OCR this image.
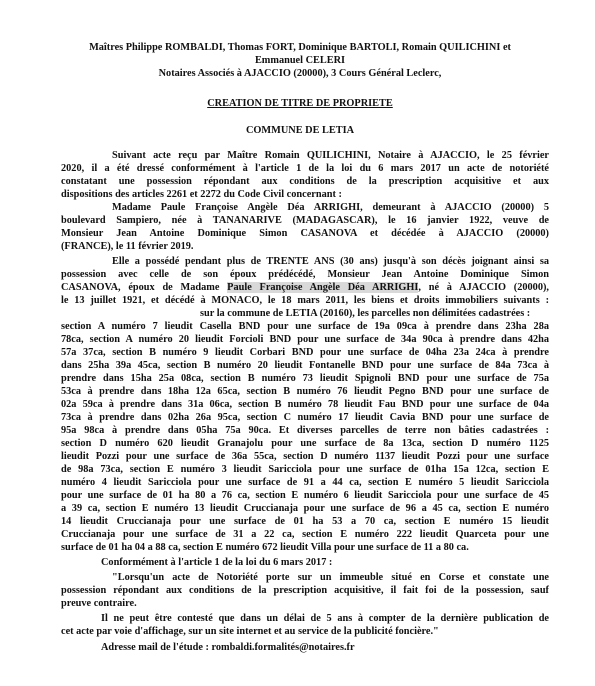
Maîtres Philippe ROMBALDI, Thomas FORT, Dominique BARTOLI, Romain QUILICHINI et
Emmanuel CELERI
Notaires Associés à AJACCIO (20000), 3 Cours Général Leclerc,
CREATION DE TITRE DE PROPRIETE
COMMUNE DE LETIA
Suivant acte reçu par Maître Romain QUILICHINI, Notaire à AJACCIO, le 25 février
2020, il a été dressé conformément à l'article 1 de la loi du 6 mars 2017 un acte de notoriété
constatant une possession répondant aux conditions de la prescription acquisitive et aux
dispositions des articles 2261 et 2272 du Code Civil concernant :
Madame Paule Françoise Angèle Déa ARRIGHI, demeurant à AJACCIO (20000) 5
boulevard Sampiero, née à TANANARIVE (MADAGASCAR), le 16 janvier 1922, veuve de
Monsieur Jean Antoine Dominique Simon CASANOVA et décédée à AJACCIO (20000)
(FRANCE), le 11 février 2019.
Elle a possédé pendant plus de TRENTE ANS (30 ans) jusqu'à son décès joignant ainsi sa
possession avec celle de son époux prédécédé, Monsieur Jean Antoine Dominique Simon
CASANOVA, époux de Madame Paule Françoise Angèle Déa ARRIGHI, né à AJACCIO (20000),
le 13 juillet 1921, et décédé à MONACO, le 18 mars 2011, les biens et droits immobiliers suivants :
sur la commune de LETIA (20160), les parcelles non délimitées cadastrées :
section A numéro 7 lieudit Casella BND pour une surface de 19a 09ca à prendre dans 23ha 28a
78ca, section A numéro 20 lieudit Forcioli BND pour une surface de 34a 90ca à prendre dans 42ha
57a 37ca, section B numéro 9 lieudit Corbari BND pour une surface de 04ha 23a 24ca à prendre
dans 25ha 39a 45ca, section B numéro 20 lieudit Fontanelle BND pour une surface de 84a 73ca à
prendre dans 15ha 25a 08ca, section B numéro 73 lieudit Spignoli BND pour une surface de 75a
53ca à prendre dans 18ha 12a 65ca, section B numéro 76 lieudit Pegno BND pour une surface de
02a 59ca à prendre dans 31a 06ca, section B numéro 78 lieudit Fau BND pour une surface de 04a
73ca à prendre dans 02ha 26a 95ca, section C numéro 17 lieudit Cavia BND pour une surface de
95a 98ca à prendre dans 05ha 75a 90ca. Et diverses parcelles de terre non bâties cadastrées :
section D numéro 620 lieudit Granajolu pour une surface de 8a 13ca, section D numéro 1125
lieudit Pozzi pour une surface de 36a 55ca, section D numéro 1137 lieudit Pozzi pour une surface
de 98a 73ca, section E numéro 3 lieudit Saricciola pour une surface de 01ha 15a 12ca, section E
numéro 4 lieudit Saricciola pour une surface de 91 a 44 ca, section E numéro 5 lieudit Saricciola
pour une surface de 01 ha 80 a 76 ca, section E numéro 6 lieudit Saricciola pour une surface de 45
a 39 ca, section E numéro 13 lieudit Cruccianaja pour une surface de 96 a 45 ca, section E numéro
14 lieudit Cruccianaja pour une surface de 01 ha 53 a 70 ca, section E numéro 15 lieudit
Cruccianaja pour une surface de 31 a 22 ca, section E numéro 222 lieudit Quarceta pour une
surface de 01 ha 04 a 88 ca, section E numéro 672 lieudit Villa pour une surface de 11 a 80 ca.
Conformément à l'article 1 de la loi du 6 mars 2017 :
"Lorsqu'un acte de Notoriété porte sur un immeuble situé en Corse et constate une
possession répondant aux conditions de la prescription acquisitive, il fait foi de la possession, sauf
preuve contraire.
Il ne peut être contesté que dans un délai de 5 ans à compter de la dernière publication de
cet acte par voie d'affichage, sur un site internet et au service de la publicité foncière."
Adresse mail de l'étude : rombaldi.formalités@notaires.fr
